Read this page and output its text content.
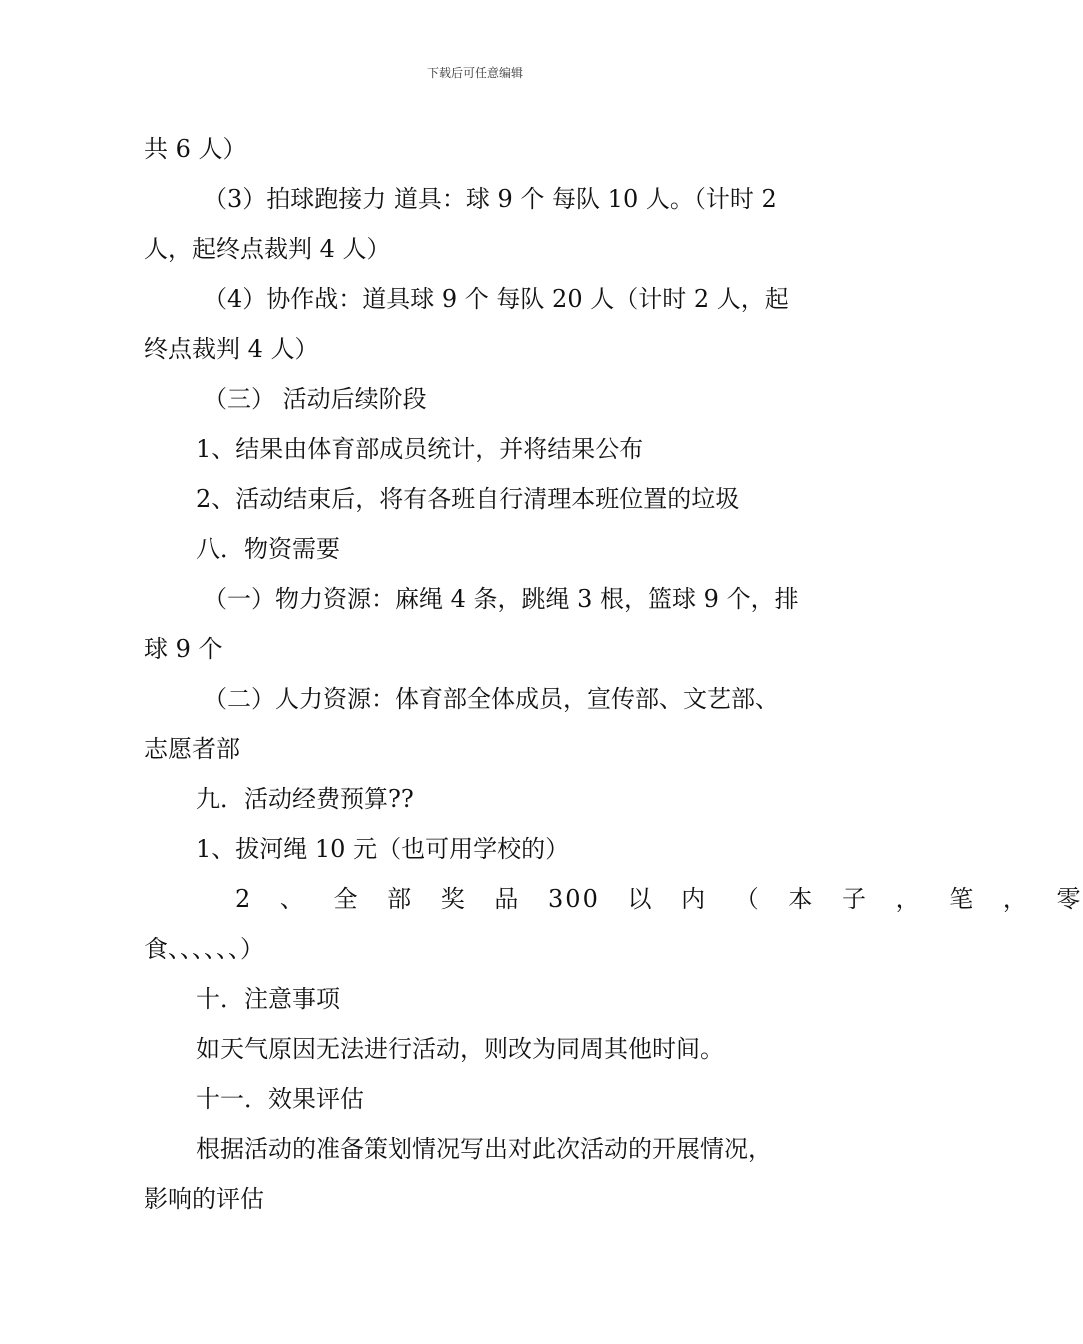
下载后可任意编辑
共 6 人）
（3）拍球跑接力 道具：球 9 个 每队 10 人。（计时 2
人，起终点裁判 4 人）
（4）协作战：道具球 9 个 每队 20 人（计时 2 人，起
终点裁判 4 人）
（三） 活动后续阶段
1、结果由体育部成员统计，并将结果公布
2、活动结束后，将有各班自行清理本班位置的垃圾
八．物资需要
（一）物力资源：麻绳 4 条，跳绳 3 根，篮球 9 个，排
球 9 个
（二）人力资源：体育部全体成员，宣传部、文艺部、
志愿者部
九．活动经费预算??
1、拔河绳 10 元（也可用学校的）
2 、 全 部 奖 品 300 以 内 （ 本 子 ， 笔 ， 零
食、、、、、、）
十．注意事项
如天气原因无法进行活动，则改为同周其他时间。
十一．效果评估
根据活动的准备策划情况写出对此次活动的开展情况，
影响的评估
